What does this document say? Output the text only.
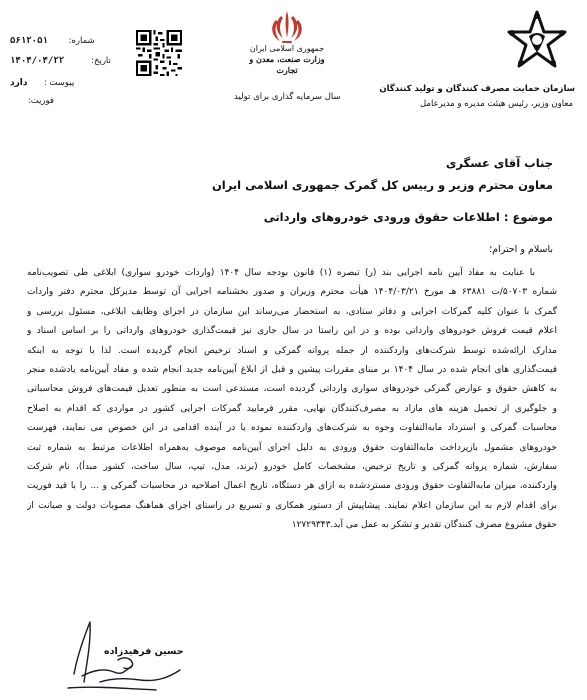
سازمان حمایت مصرف کنندگان و تولید کنندگان
معاون وزیر، رئیس هیئت مدیره و مدیرعامل
جمهوری اسلامی ایران
وزارت صنعت، معدن و تجارت
سال سرمایه گذاری برای تولید
شماره: ۵۶۱۲۰۵۱
تاریخ: ۱۴۰۴/۰۴/۲۲
پیوست : دارد
فوریت:
جناب آقای عسگری
معاون محترم وزیر و رییس کل گمرک جمهوری اسلامی ایران
موضوع : اطلاعات حقوق ورودی خودروهای وارداتی
باسلام و احترام؛
با عنایت به مفاد آیین نامه اجرایی بند (ر) تبصره (۱) قانون بودجه سال ۱۴۰۴ (واردات خودرو سواری) ابلاغی طی تصویب‌نامه
شماره ۵۰۷۰۳/ت ۶۳۸۸۱ هـ مورخ ۱۴۰۴/۰۳/۲۱ هیأت محترم وزیران و صدور بخشنامه اجرایی آن توسط مدیرکل محترم دفتر واردات
گمرک با عنوان کلیه گمرکات اجرایی و دفاتر ستادی، به استحضار می‌رساند این سازمان در اجرای وظایف ابلاغی، مسئول بررسی و
اعلام قیمت فروش خودروهای وارداتی بوده و در این راستا در سال جاری نیز قیمت‌گذاری خودروهای وارداتی را بر اساس اسناد و
مدارک ارائه‌شده توسط شرکت‌های واردکننده از جمله پروانه گمرکی و اسناد ترخیص انجام گردیده است. لذا با توجه به اینکه
قیمت‌گذاری های انجام شده در سال ۱۴۰۴ بر مبنای مقررات پیشین و قبل از ابلاغ آیین‌نامه جدید انجام شده و مفاد آیین‌نامه یادشده منجر
به کاهش حقوق و عوارض گمرکی خودروهای سواری وارداتی گردیده است، مستدعی است به منظور تعدیل قیمت‌های فروش محاسباتی
و جلوگیری از تحمیل هزینه های مازاد به مصرف‌کنندگان نهایی، مقرر فرمایید گمرکات اجرایی کشور در مواردی که اقدام به اصلاح
محاسبات گمرکی و استرداد مابه‌التفاوت وجوه به شرکت‌های واردکننده نموده یا در آینده اقدامی در این خصوص می نمایند، فهرست
خودروهای مشمول بازپرداخت مابه‌التفاوت حقوق ورودی به دلیل اجرای آیین‌نامه موصوف به‌همراه اطلاعات مرتبط به شماره ثبت
سفارش، شماره پروانه گمرکی و تاریخ ترخیص، مشخصات کامل خودرو (برند، مدل، تیپ، سال ساخت، کشور مبدأ)، نام شرکت
واردکننده، میزان مابه‌التفاوت حقوق ورودی مستردشده به ازای هر دستگاه، تاریخ اعمال اصلاحیه در محاسبات گمرکی و ... را با قید فوریت
برای اقدام لازم به این سازمان اعلام نمایند. پیشاپیش از دستور همکاری و تسریع در راستای اجرای هماهنگ مصوبات دولت و صیانت از
حقوق مشروع مصرف کنندگان تقدیر و تشکر به عمل می آید.۱۲۷۲۹۳۴۳
حسین فرهیدزاده
